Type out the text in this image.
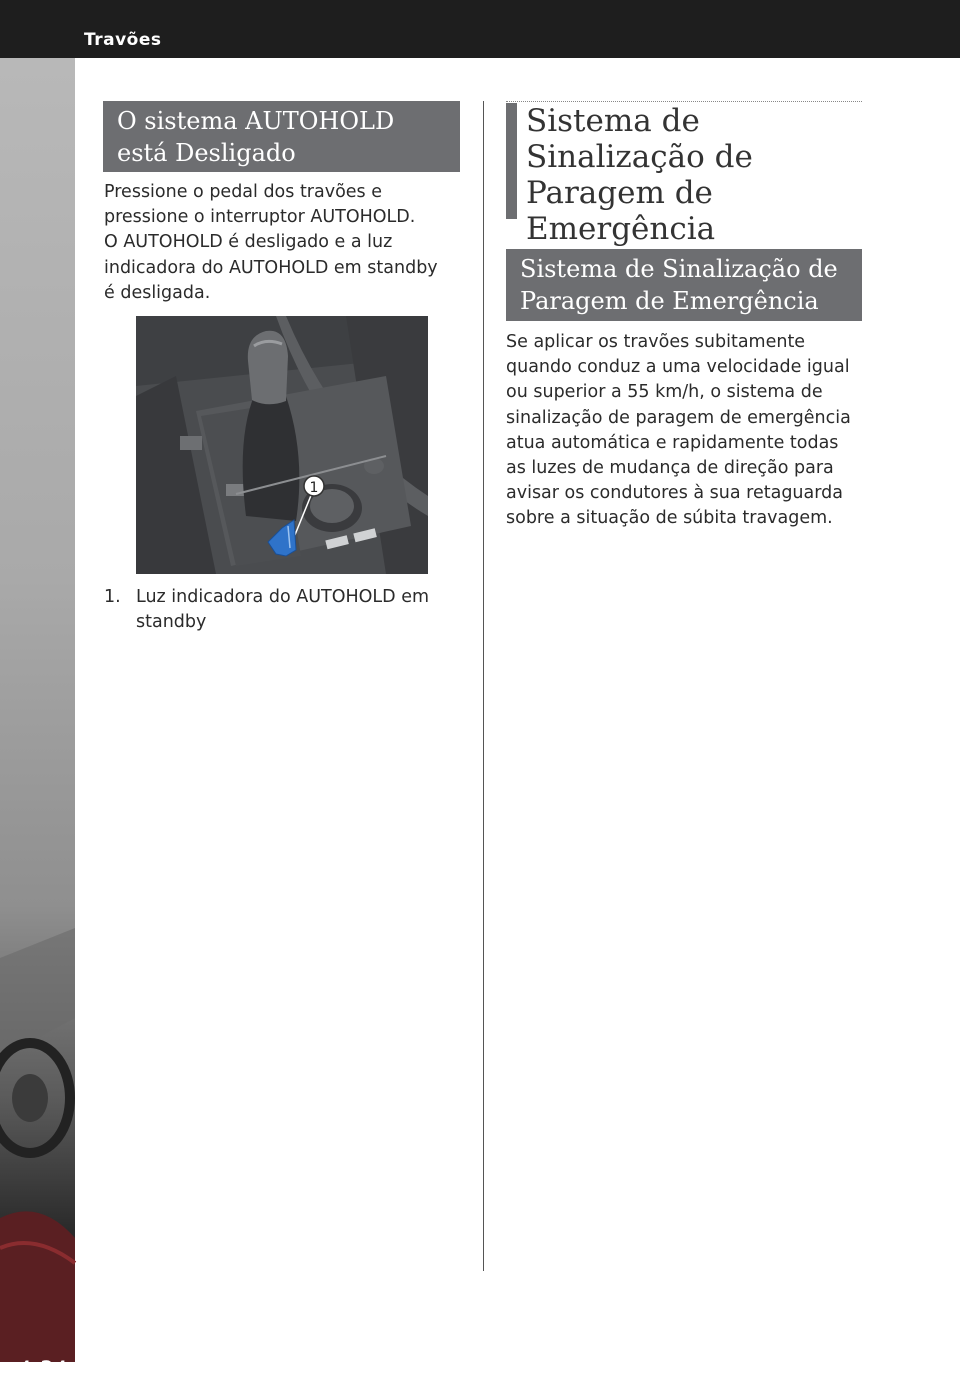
Travões
4-34
O sistema AUTOHOLD está Desligado
Pressione o pedal dos travões e
pressione o interruptor AUTOHOLD.
O AUTOHOLD é desligado e a luz
indicadora do AUTOHOLD em standby
é desligada.
1
1. Luz indicadora do AUTOHOLD em standby
Sistema de Sinalização de Paragem de Emergência
Sistema de Sinalização de Paragem de Emergência
Se aplicar os travões subitamente
quando conduz a uma velocidade igual
ou superior a 55 km/h, o sistema de
sinalização de paragem de emergência
atua automática e rapidamente todas
as luzes de mudança de direção para
avisar os condutores à sua retaguarda
sobre a situação de súbita travagem.
